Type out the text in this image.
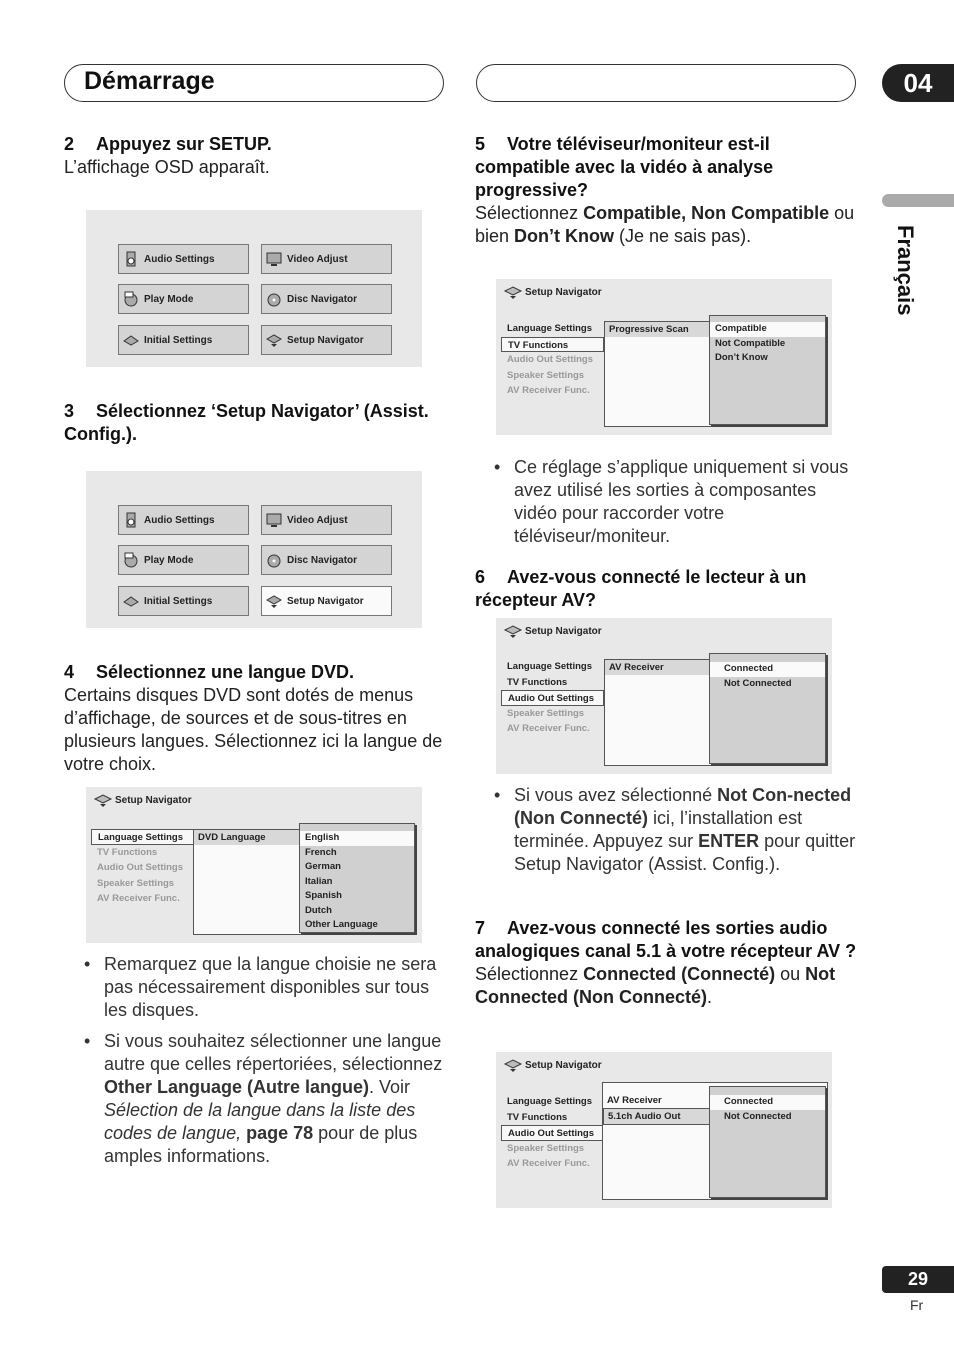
Démarrage	04
Français
2 Appuyez sur SETUP.
L’affichage OSD apparaît.
Audio Settings	Video Adjust
Play Mode	Disc Navigator
Initial Settings	Setup Navigator
3 Sélectionnez ‘Setup Navigator’ (Assist. Config.).
Audio Settings	Video Adjust
Play Mode	Disc Navigator
Initial Settings	Setup Navigator
4 Sélectionnez une langue DVD.
Certains disques DVD sont dotés de menus d’affichage, de sources et de sous-titres en plusieurs langues. Sélectionnez ici la langue de votre choix.
Setup Navigator
Language Settings
TV Functions
Audio Out Settings
Speaker Settings
AV Receiver Func.
DVD Language	English
French
German
Italian
Spanish
Dutch
Other Language
• Remarquez que la langue choisie ne sera pas nécessairement disponibles sur tous les disques.
• Si vous souhaitez sélectionner une langue autre que celles répertoriées, sélectionnez Other Language (Autre langue). Voir Sélection de la langue dans la liste des codes de langue, page 78 pour de plus amples informations.
5 Votre téléviseur/moniteur est-il compatible avec la vidéo à analyse progressive?
Sélectionnez Compatible, Non Compatible ou bien Don’t Know (Je ne sais pas).
Setup Navigator
Language Settings
TV Functions
Audio Out Settings
Speaker Settings
AV Receiver Func.
Progressive Scan	Compatible
Not Compatible
Don’t Know
• Ce réglage s’applique uniquement si vous avez utilisé les sorties à composantes vidéo pour raccorder votre téléviseur/moniteur.
6 Avez-vous connecté le lecteur à un récepteur AV?
Setup Navigator
Language Settings
TV Functions
Audio Out Settings
Speaker Settings
AV Receiver Func.
AV Receiver	Connected
Not Connected
• Si vous avez sélectionné Not Con-nected (Non Connecté) ici, l’installation est terminée. Appuyez sur ENTER pour quitter Setup Navigator (Assist. Config.).
7 Avez-vous connecté les sorties audio analogiques canal 5.1 à votre récepteur AV ?
Sélectionnez Connected (Connecté) ou Not Connected (Non Connecté).
Setup Navigator
Language Settings
TV Functions
Audio Out Settings
Speaker Settings
AV Receiver Func.
AV Receiver
5.1ch Audio Out
Connected
Not Connected
29
Fr
